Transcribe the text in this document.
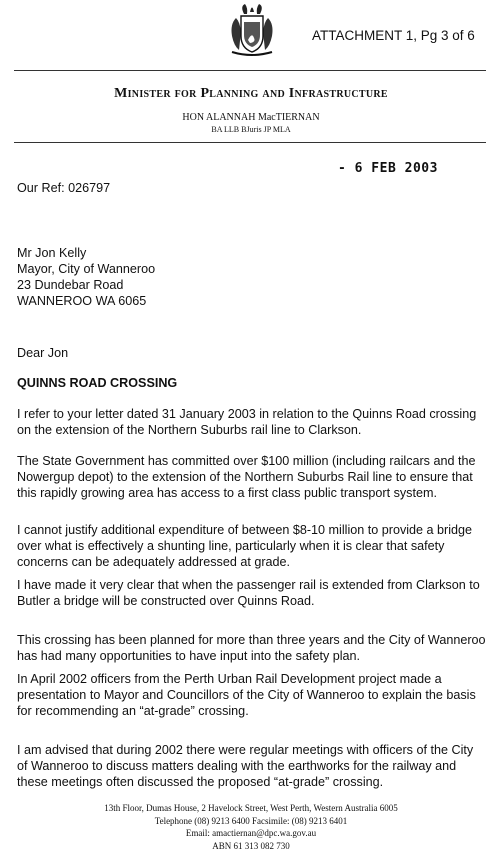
ATTACHMENT 1, Pg 3 of 6
Minister for Planning and Infrastructure
HON ALANNAH MacTIERNAN
BA LLB BJuris JP MLA
- 6 FEB 2003
Our Ref: 026797
Mr Jon Kelly
Mayor, City of Wanneroo
23 Dundebar Road
WANNEROO WA 6065
Dear Jon
QUINNS ROAD CROSSING
I refer to your letter dated 31 January 2003 in relation to the Quinns Road crossing on the extension of the Northern Suburbs rail line to Clarkson.
The State Government has committed over $100 million (including railcars and the Nowergup depot) to the extension of the Northern Suburbs Rail line to ensure that this rapidly growing area has access to a first class public transport system.
I cannot justify additional expenditure of between $8-10 million to provide a bridge over what is effectively a shunting line, particularly when it is clear that safety concerns can be adequately addressed at grade.
I have made it very clear that when the passenger rail is extended from Clarkson to Butler a bridge will be constructed over Quinns Road.
This crossing has been planned for more than three years and the City of Wanneroo has had many opportunities to have input into the safety plan.
In April 2002 officers from the Perth Urban Rail Development project made a presentation to Mayor and Councillors of the City of Wanneroo to explain the basis for recommending an “at-grade” crossing.
I am advised that during 2002 there were regular meetings with officers of the City of Wanneroo to discuss matters dealing with the earthworks for the railway and these meetings often discussed the proposed “at-grade” crossing.
13th Floor, Dumas House, 2 Havelock Street, West Perth, Western Australia 6005
Telephone (08) 9213 6400 Facsimile: (08) 9213 6401
Email: amactiernan@dpc.wa.gov.au
ABN 61 313 082 730
